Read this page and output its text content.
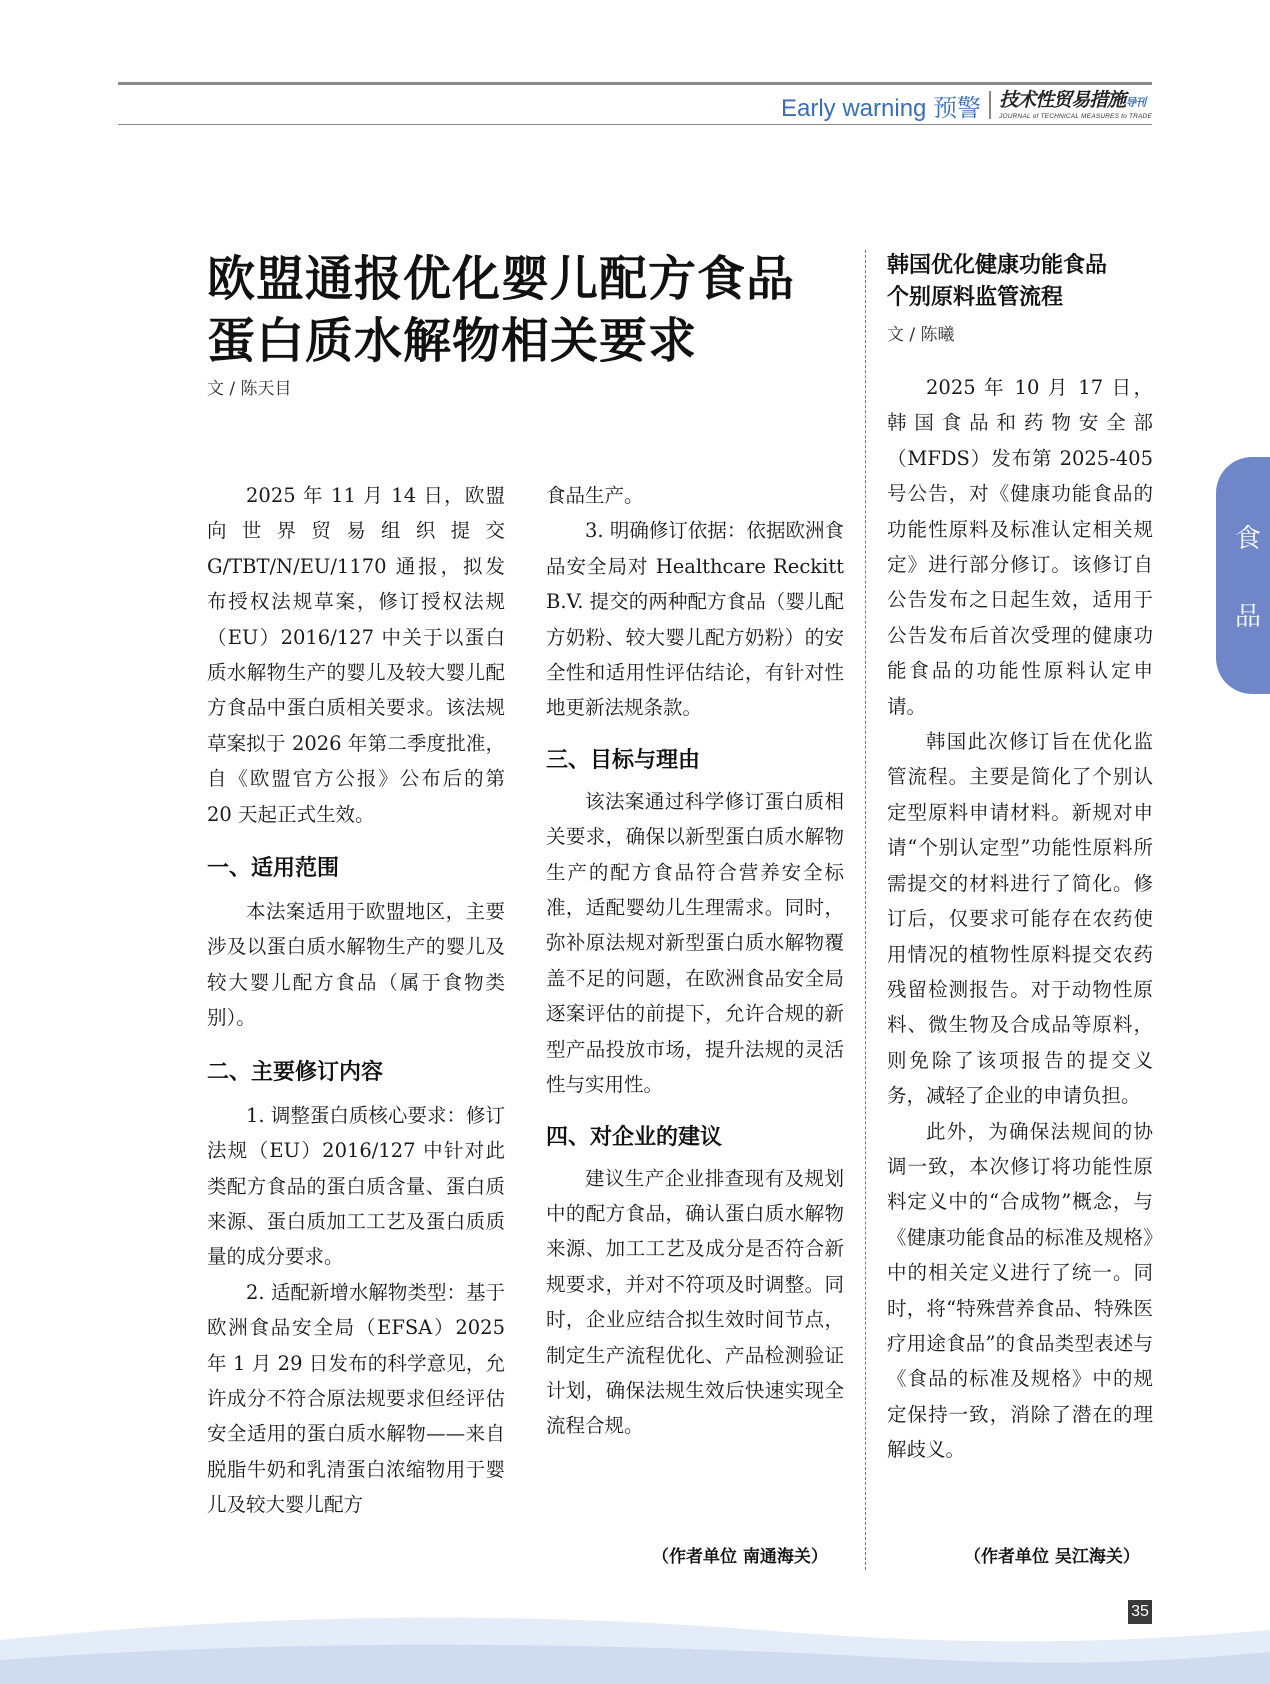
Early warning 预警 技术性贸易措施导刊
JOURNAL of TECHNICAL MEASURES to TRADE
食
品
欧盟通报优化婴儿配方食品
蛋白质水解物相关要求
文 / 陈天目

2025 年 11 月 14 日，欧盟向世界贸易组织提交 G/TBT/N/EU/1170 通报，拟发布授权法规草案，修订授权法规（EU）2016/127 中关于以蛋白质水解物生产的婴儿及较大婴儿配方食品中蛋白质相关要求。该法规草案拟于 2026 年第二季度批准，自《欧盟官方公报》公布后的第 20 天起正式生效。

一、适用范围

本法案适用于欧盟地区，主要涉及以蛋白质水解物生产的婴儿及较大婴儿配方食品（属于食物类别）。

二、主要修订内容

1. 调整蛋白质核心要求：修订法规（EU）2016/127 中针对此类配方食品的蛋白质含量、蛋白质来源、蛋白质加工工艺及蛋白质质量的成分要求。

2. 适配新增水解物类型：基于欧洲食品安全局（EFSA）2025 年 1 月 29 日发布的科学意见，允许成分不符合原法规要求但经评估安全适用的蛋白质水解物——来自脱脂牛奶和乳清蛋白浓缩物用于婴儿及较大婴儿配方

食品生产。

3. 明确修订依据：依据欧洲食品安全局对 Healthcare Reckitt B.V. 提交的两种配方食品（婴儿配方奶粉、较大婴儿配方奶粉）的安全性和适用性评估结论，有针对性地更新法规条款。

三、目标与理由

该法案通过科学修订蛋白质相关要求，确保以新型蛋白质水解物生产的配方食品符合营养安全标准，适配婴幼儿生理需求。同时，弥补原法规对新型蛋白质水解物覆盖不足的问题，在欧洲食品安全局逐案评估的前提下，允许合规的新型产品投放市场，提升法规的灵活性与实用性。

四、对企业的建议

建议生产企业排查现有及规划中的配方食品，确认蛋白质水解物来源、加工工艺及成分是否符合新规要求，并对不符项及时调整。同时，企业应结合拟生效时间节点，制定生产流程优化、产品检测验证计划，确保法规生效后快速实现全流程合规。

（作者单位 南通海关）
韩国优化健康功能食品
个别原料监管流程
文 / 陈曦

2025 年 10 月 17 日，韩国食品和药物安全部（MFDS）发布第 2025-405 号公告，对《健康功能食品的功能性原料及标准认定相关规定》进行部分修订。该修订自公告发布之日起生效，适用于公告发布后首次受理的健康功能食品的功能性原料认定申请。

韩国此次修订旨在优化监管流程。主要是简化了个别认定型原料申请材料。新规对申请“个别认定型”功能性原料所需提交的材料进行了简化。修订后，仅要求可能存在农药使用情况的植物性原料提交农药残留检测报告。对于动物性原料、微生物及合成品等原料，则免除了该项报告的提交义务，减轻了企业的申请负担。

此外，为确保法规间的协调一致，本次修订将功能性原料定义中的“合成物”概念，与《健康功能食品的标准及规格》中的相关定义进行了统一。同时，将“特殊营养食品、特殊医疗用途食品”的食品类型表述与《食品的标准及规格》中的规定保持一致，消除了潜在的理解歧义。

（作者单位 吴江海关）
35
